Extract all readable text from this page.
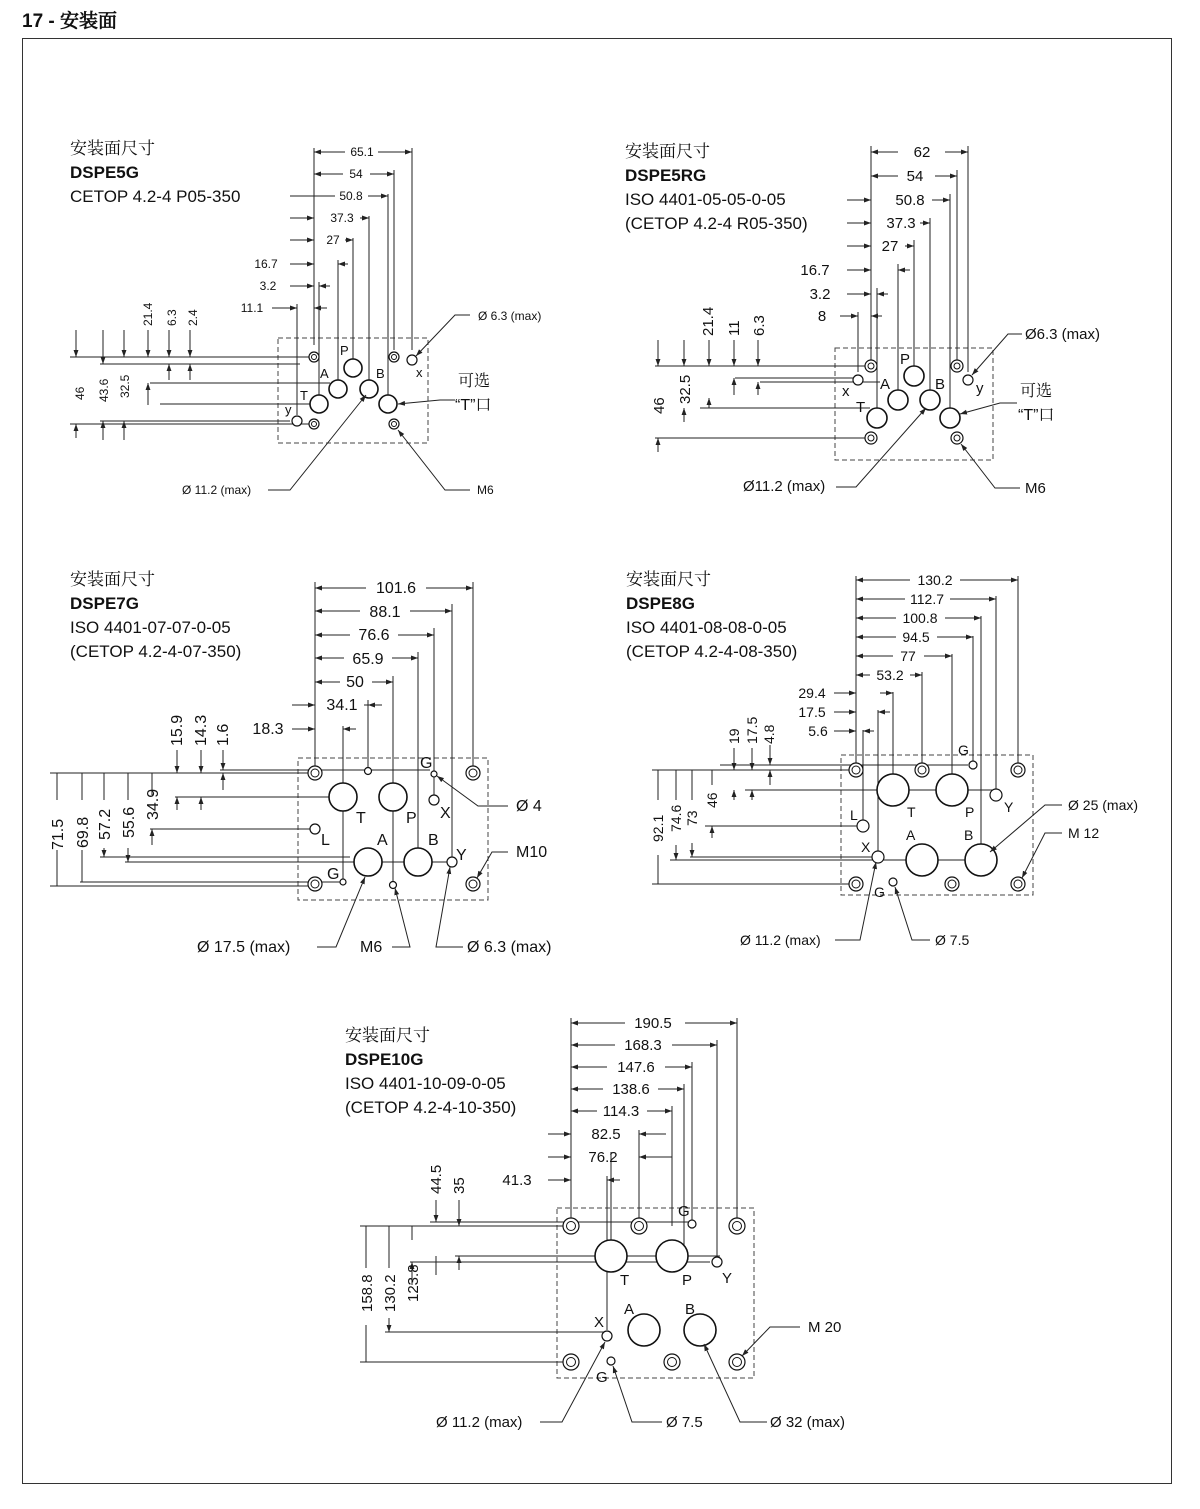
17 - 安装面
安装面尺寸
DSPE5G
CETOP 4.2-4 P05-350
安装面尺寸
DSPE5RG
ISO 4401-05-05-0-05
(CETOP 4.2-4 R05-350)
安装面尺寸
DSPE7G
ISO 4401-07-07-0-05
(CETOP 4.2-4-07-350)
安装面尺寸
DSPE8G
ISO 4401-08-08-0-05
(CETOP 4.2-4-08-350)
安装面尺寸
DSPE10G
ISO 4401-10-09-0-05
(CETOP 4.2-4-10-350)
65.1
54
50.8
37.3
27
16.7
3.2
11.1
21.4 6.3 2.4
46 43.6 32.5
P
A	B
T
x
y
Ø 6.3 (max)
Ø 11.2 (max)	M6
可选
“T”口
62
54
50.8
37.3
27
16.7
3.2
8
21.4 11 6.3
46
32.5
P
A	B
T
x	y
Ø6.3 (max)
Ø11.2 (max)	M6
可选
“T”口
101.6
88.1
76.6
65.9
50
34.1
18.3
15.9 14.3 1.6
71.5 69.8 57.2 55.6
34.9
G
T	P X
L	A	B
Y
G
Ø 4
M10
Ø 17.5 (max)	M6	Ø 6.3 (max)
130.2
112.7
100.8
94.5
77
53.2
29.4
17.5
5.6
19 17.5 4.8
92.1 74.6 73
46
G
L	T	P Y
A	B
X
G
Ø 25 (max)
M 12
Ø 11.2 (max)	Ø 7.5
190.5
168.3
147.6
138.6
114.3
82.5
76.2
41.3
44.5 35
158.8 130.2 123.8
G
T	P Y
A	B
X
G
M 20
Ø 11.2 (max)	Ø 7.5	Ø 32 (max)
